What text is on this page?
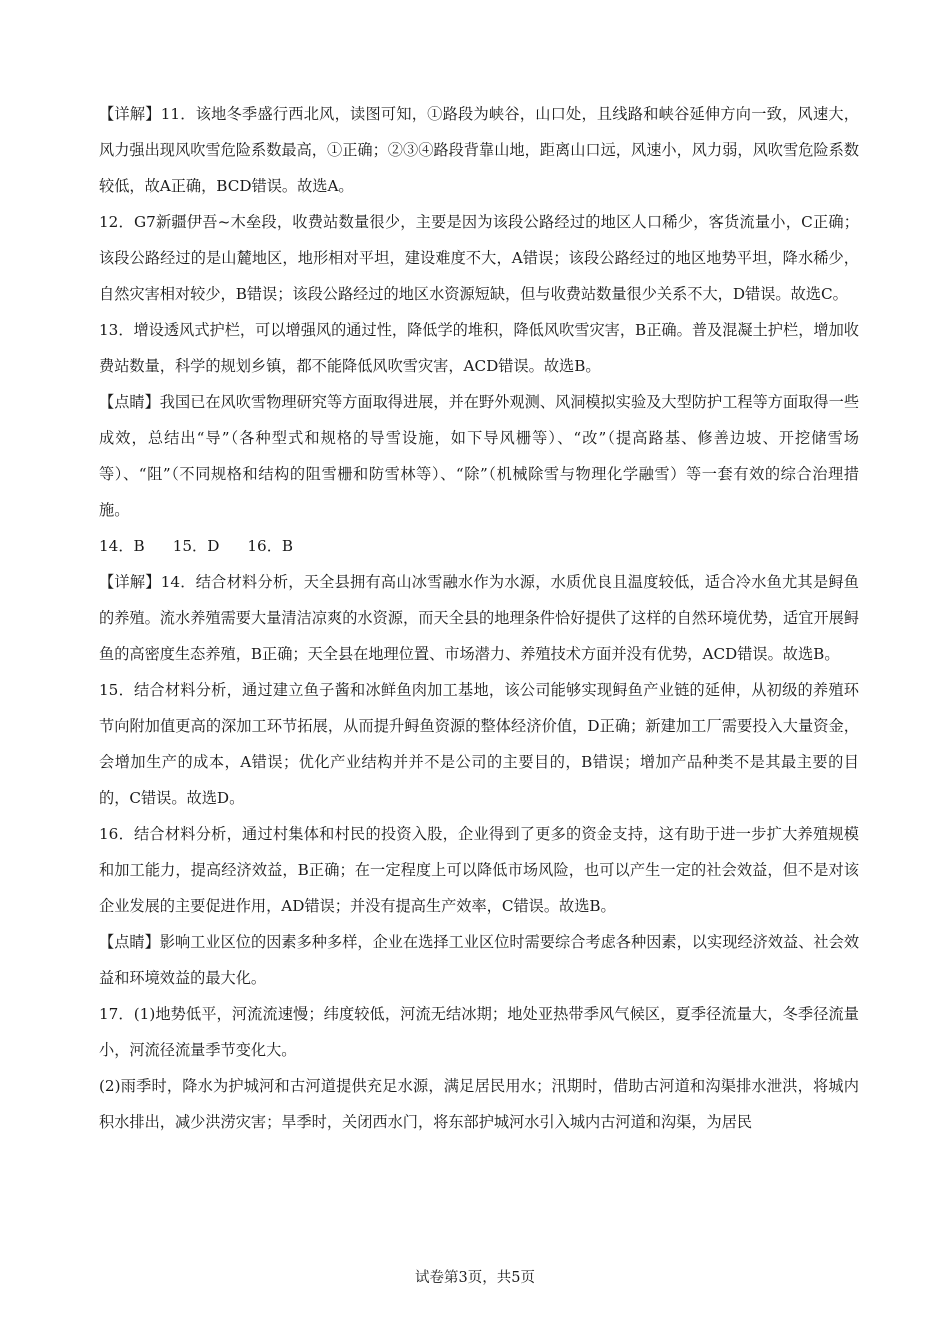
【详解】11．该地冬季盛行西北风，读图可知，①路段为峡谷，山口处，且线路和峡谷延伸方向一致，风速大，风力强出现风吹雪危险系数最高，①正确；②③④路段背靠山地，距离山口远，风速小，风力弱，风吹雪危险系数较低，故A正确，BCD错误。故选A。

12．G7新疆伊吾~木垒段，收费站数量很少，主要是因为该段公路经过的地区人口稀少，客货流量小，C正确；该段公路经过的是山麓地区，地形相对平坦，建设难度不大，A错误；该段公路经过的地区地势平坦，降水稀少，自然灾害相对较少，B错误；该段公路经过的地区水资源短缺，但与收费站数量很少关系不大，D错误。故选C。

13．增设透风式护栏，可以增强风的通过性，降低学的堆积，降低风吹雪灾害，B正确。普及混凝土护栏，增加收费站数量，科学的规划乡镇，都不能降低风吹雪灾害，ACD错误。故选B。

【点睛】我国已在风吹雪物理研究等方面取得进展，并在野外观测、风洞模拟实验及大型防护工程等方面取得一些成效，总结出“导”（各种型式和规格的导雪设施，如下导风栅等）、“改”（提高路基、修善边坡、开挖储雪场等）、“阻”（不同规格和结构的阻雪栅和防雪林等）、“除”（机械除雪与物理化学融雪）等一套有效的综合治理措施。

14．B 15．D 16．B

【详解】14．结合材料分析，天全县拥有高山冰雪融水作为水源，水质优良且温度较低，适合冷水鱼尤其是鲟鱼的养殖。流水养殖需要大量清洁凉爽的水资源，而天全县的地理条件恰好提供了这样的自然环境优势，适宜开展鲟鱼的高密度生态养殖，B正确；天全县在地理位置、市场潜力、养殖技术方面并没有优势，ACD错误。故选B。

15．结合材料分析，通过建立鱼子酱和冰鲜鱼肉加工基地，该公司能够实现鲟鱼产业链的延伸，从初级的养殖环节向附加值更高的深加工环节拓展，从而提升鲟鱼资源的整体经济价值，D正确；新建加工厂需要投入大量资金，会增加生产的成本，A错误；优化产业结构并并不是公司的主要目的，B错误；增加产品种类不是其最主要的目的，C错误。故选D。

16．结合材料分析，通过村集体和村民的投资入股，企业得到了更多的资金支持，这有助于进一步扩大养殖规模和加工能力，提高经济效益，B正确；在一定程度上可以降低市场风险，也可以产生一定的社会效益，但不是对该企业发展的主要促进作用，AD错误；并没有提高生产效率，C错误。故选B。

【点睛】影响工业区位的因素多种多样，企业在选择工业区位时需要综合考虑各种因素，以实现经济效益、社会效益和环境效益的最大化。

17．(1)地势低平，河流流速慢；纬度较低，河流无结冰期；地处亚热带季风气候区，夏季径流量大，冬季径流量小，河流径流量季节变化大。

(2)雨季时，降水为护城河和古河道提供充足水源，满足居民用水；汛期时，借助古河道和沟渠排水泄洪，将城内积水排出，减少洪涝灾害；旱季时，关闭西水门，将东部护城河水引入城内古河道和沟渠，为居民

试卷第3页，共5页
